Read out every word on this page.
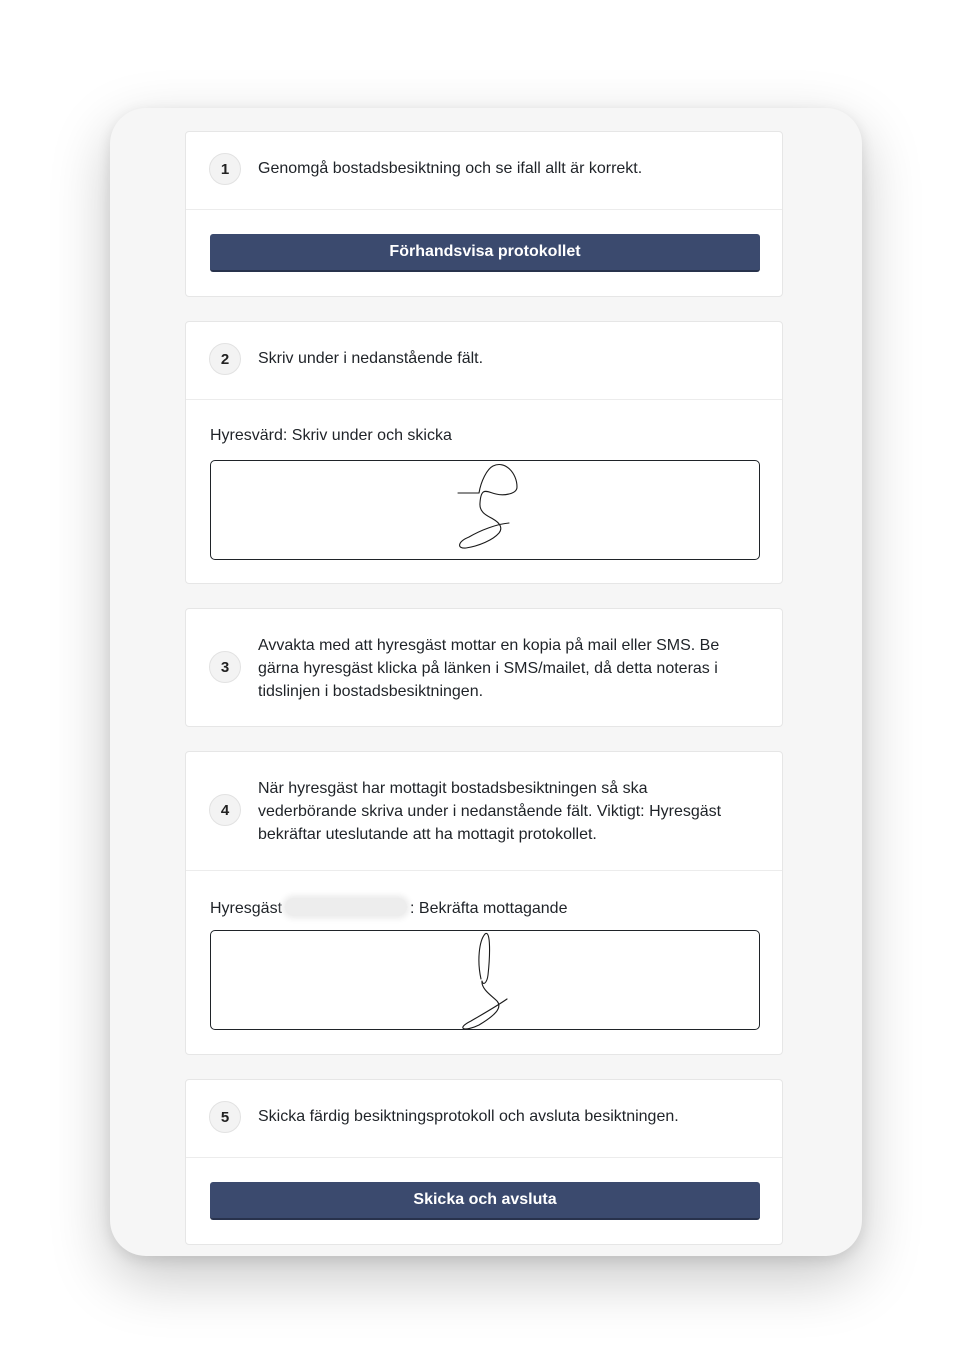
1	Genomgå bostadsbesiktning och se ifall allt är korrekt.
Förhandsvisa protokollet
2	Skriv under i nedanstående fält.
Hyresvärd: Skriv under och skicka
3
Avvakta med att hyresgäst mottar en kopia på mail eller SMS. Be gärna hyresgäst klicka på länken i SMS/mailet, då detta noteras i tidslinjen i bostadsbesiktningen.
4
När hyresgäst har mottagit bostadsbesiktningen så ska vederbörande skriva under i nedanstående fält. Viktigt: Hyresgäst bekräftar uteslutande att ha mottagit protokollet.
Hyresgäst	: Bekräfta mottagande
5	Skicka färdig besiktningsprotokoll och avsluta besiktningen.
Skicka och avsluta
